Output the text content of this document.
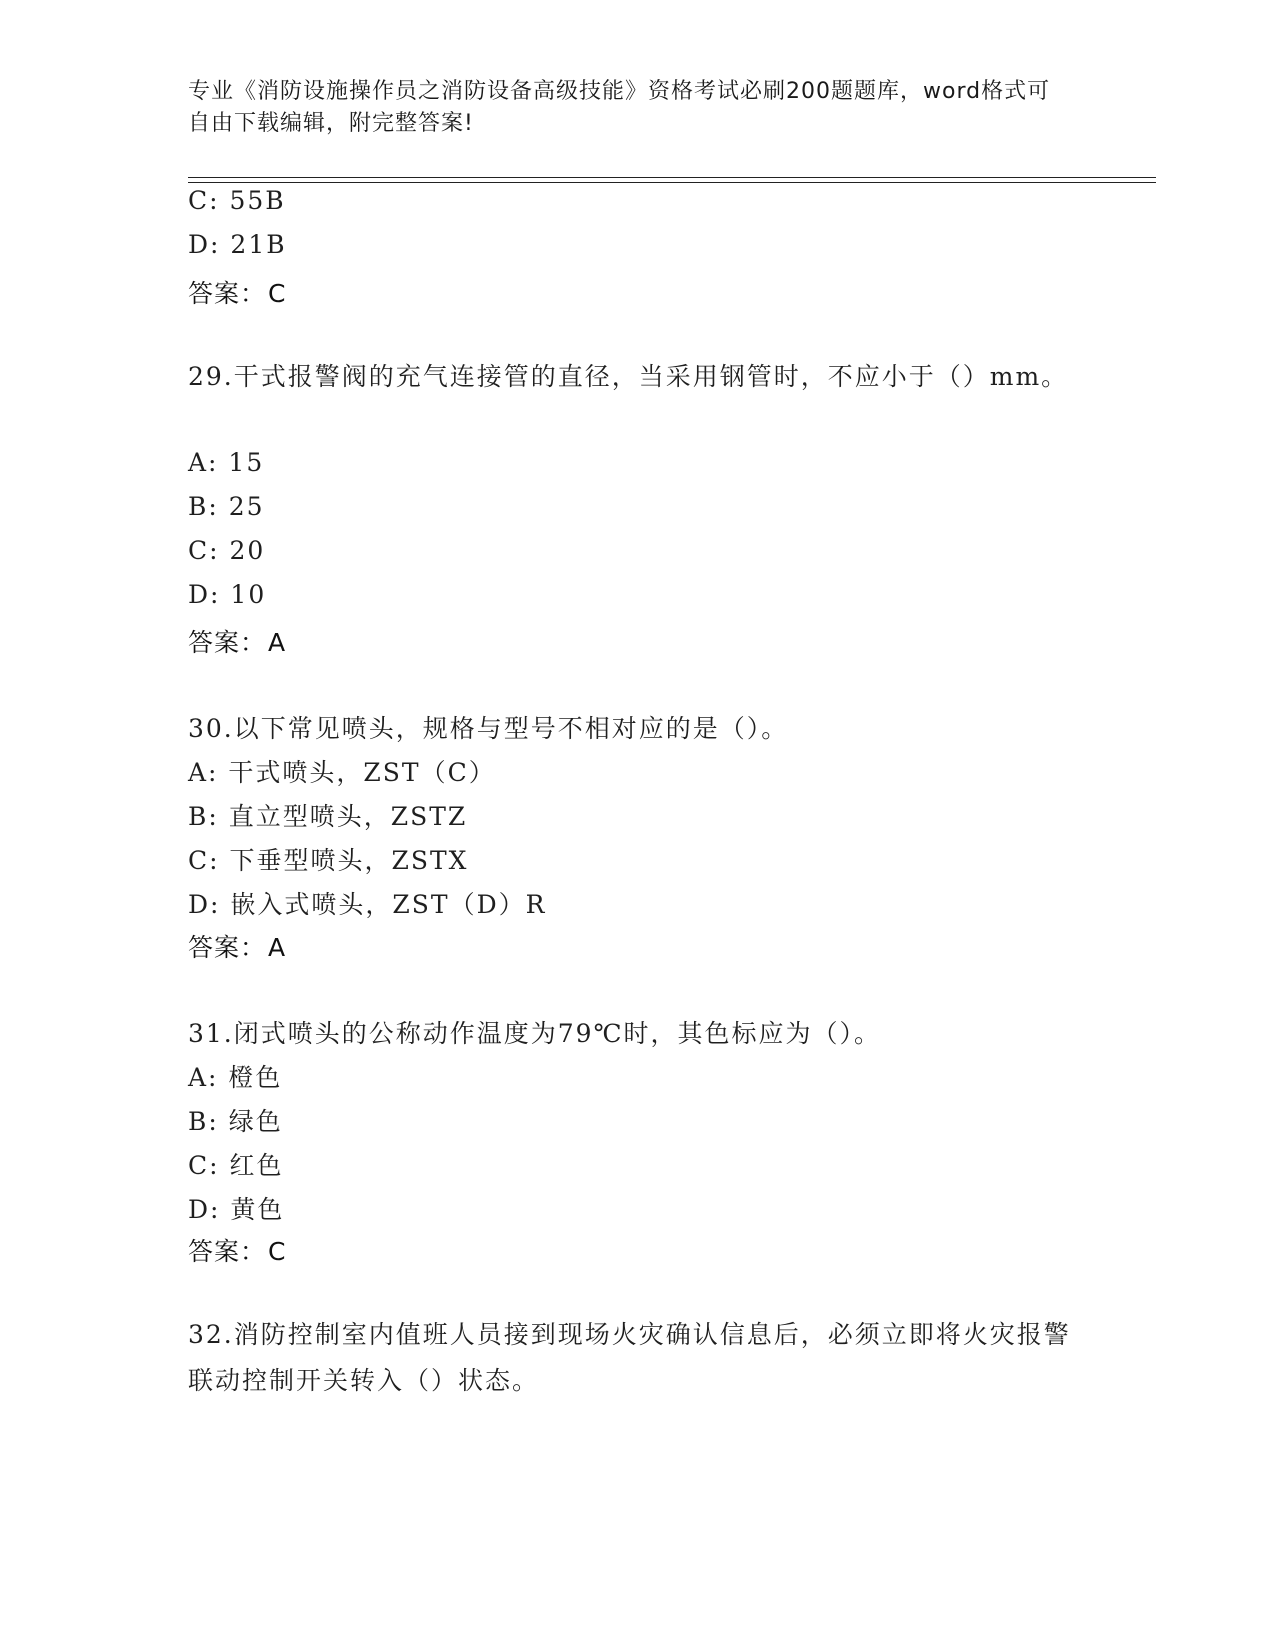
专业《消防设施操作员之消防设备高级技能》资格考试必刷200题题库，word格式可自由下载编辑，附完整答案!
C: 55B
D: 21B
答案：C
29.干式报警阀的充气连接管的直径，当采用钢管时，不应小于（）mm。
A: 15
B: 25
C: 20
D: 10
答案：A
30.以下常见喷头，规格与型号不相对应的是（）。
A: 干式喷头，ZST（C）
B: 直立型喷头，ZSTZ
C: 下垂型喷头，ZSTX
D: 嵌入式喷头，ZST（D）R
答案：A
31.闭式喷头的公称动作温度为79℃时，其色标应为（）。
A: 橙色
B: 绿色
C: 红色
D: 黄色
答案：C
32.消防控制室内值班人员接到现场火灾确认信息后，必须立即将火灾报警联动控制开关转入（）状态。
